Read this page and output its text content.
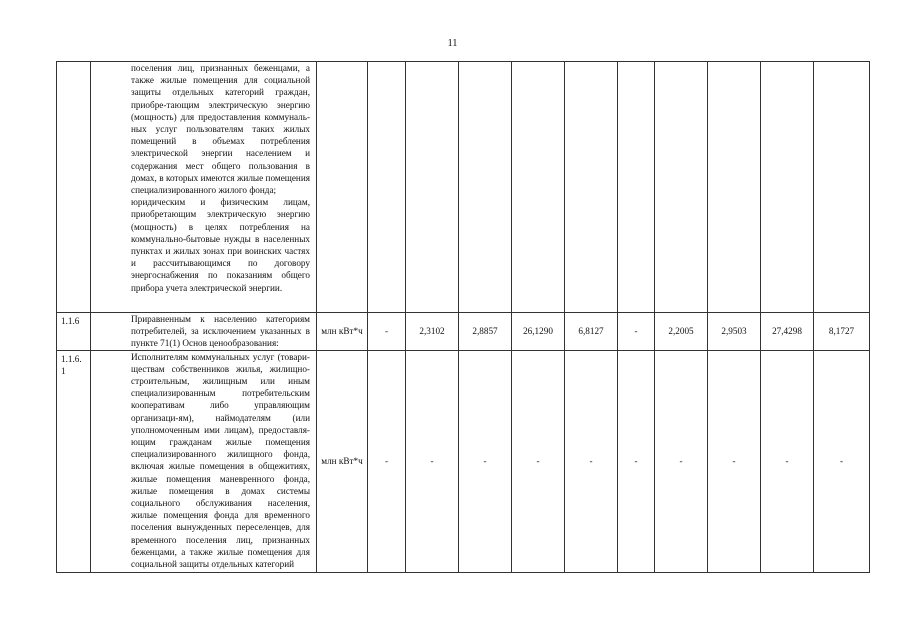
11

	поселения лиц, признанных беженцами, а также жилые помещения для социальной защиты отдельных категорий граждан, приобре-тающим электрическую энергию (мощность) для предоставления коммуналь-ных услуг пользователям таких жилых помещений в объемах потребления электрической энергии населением и содержания мест общего пользования в домах, в которых имеются жилые помещения специализированного жилого фонда;

юридическим и физическим лицам, приобретающим электрическую энергию (мощность) в целях потребления на коммунально-бытовые нужды в населенных пунктах и жилых зонах при воинских частях и рассчитывающимся по договору энергоснабжения по показаниям общего прибора учета электрической энергии.											

1.1.6	Приравненным к населению категориям потребителей, за исключением указанных в пункте 71(1) Основ ценообразования:	млн кВт*ч	-	2,3102	2,8857	26,1290	6,8127	-	2,2005	2,9503	27,4298	8,1727
1.1.6. 1	Исполнителям коммунальных услуг (товари-ществам собственников жилья, жилищно-строительным, жилищным или иным специализированным потребительским кооперативам либо управляющим организаци-ям), наймодателям (или уполномоченным ими лицам), предоставля-ющим гражданам жилые помещения специализированного жилищного фонда, включая жилые помещения в общежитиях, жилые помещения маневренного фонда, жилые помещения в домах системы социального обслуживания населения, жилые помещения фонда для временного поселения вынужденных переселенцев, для временного поселения лиц, признанных беженцами, а также жилые помещения для социальной защиты отдельных категорий	млн кВт*ч	-	-	-	-	-	-	-	-	-	-
